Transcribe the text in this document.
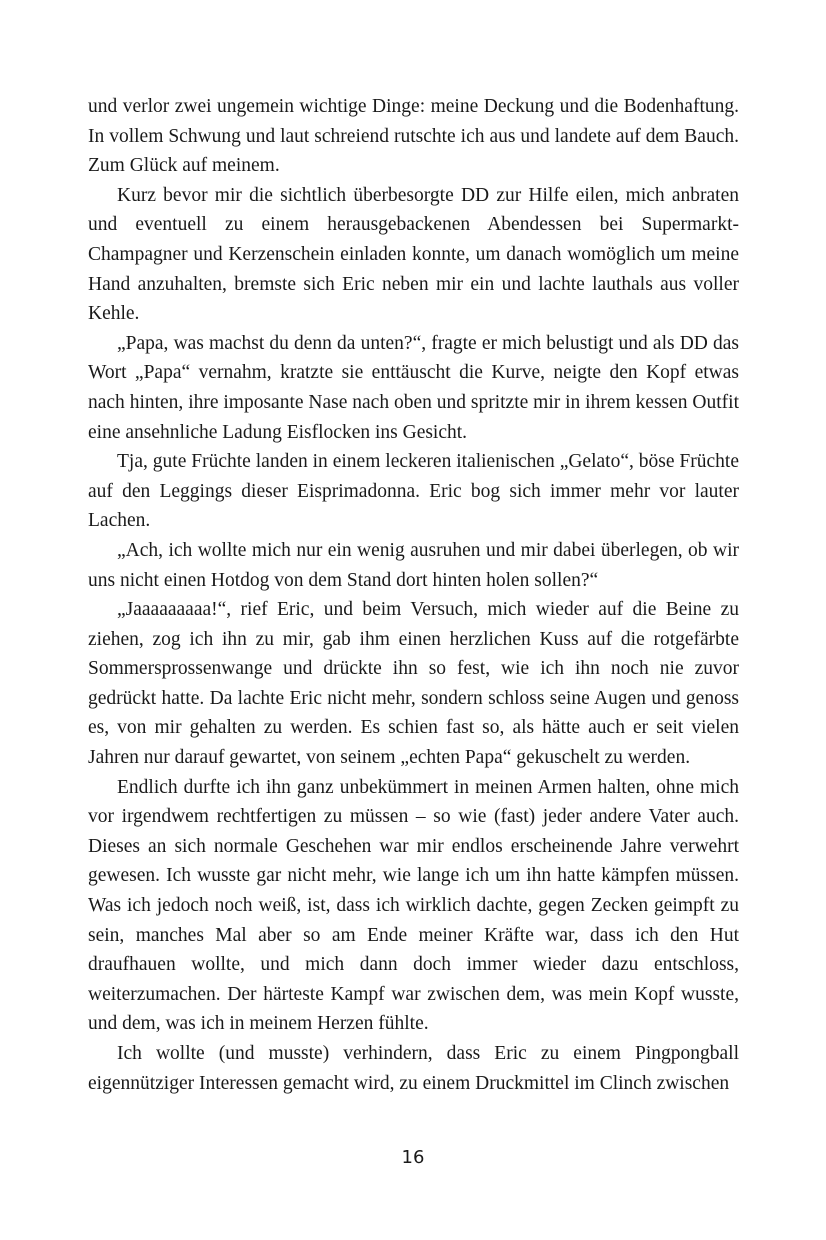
und verlor zwei ungemein wichtige Dinge: meine Deckung und die Bodenhaftung. In vollem Schwung und laut schreiend rutschte ich aus und landete auf dem Bauch. Zum Glück auf meinem.

Kurz bevor mir die sichtlich überbesorgte DD zur Hilfe eilen, mich anbraten und eventuell zu einem herausgebackenen Abendessen bei Supermarkt-Champagner und Kerzenschein einladen konnte, um danach womöglich um meine Hand anzuhalten, bremste sich Eric neben mir ein und lachte lauthals aus voller Kehle.

„Papa, was machst du denn da unten?“, fragte er mich belustigt und als DD das Wort „Papa“ vernahm, kratzte sie enttäuscht die Kurve, neigte den Kopf etwas nach hinten, ihre imposante Nase nach oben und spritzte mir in ihrem kessen Outfit eine ansehnliche Ladung Eisflocken ins Gesicht.

Tja, gute Früchte landen in einem leckeren italienischen „Gelato“, böse Früchte auf den Leggings dieser Eisprimadonna. Eric bog sich immer mehr vor lauter Lachen.

„Ach, ich wollte mich nur ein wenig ausruhen und mir dabei überlegen, ob wir uns nicht einen Hotdog von dem Stand dort hinten holen sollen?“

„Jaaaaaaaaa!“, rief Eric, und beim Versuch, mich wieder auf die Beine zu ziehen, zog ich ihn zu mir, gab ihm einen herzlichen Kuss auf die rotgefärbte Sommersprossenwange und drückte ihn so fest, wie ich ihn noch nie zuvor gedrückt hatte. Da lachte Eric nicht mehr, sondern schloss seine Augen und genoss es, von mir gehalten zu werden. Es schien fast so, als hätte auch er seit vielen Jahren nur darauf gewartet, von seinem „echten Papa“ gekuschelt zu werden.

Endlich durfte ich ihn ganz unbekümmert in meinen Armen halten, ohne mich vor irgendwem rechtfertigen zu müssen – so wie (fast) jeder andere Vater auch. Dieses an sich normale Geschehen war mir endlos erscheinende Jahre verwehrt gewesen. Ich wusste gar nicht mehr, wie lange ich um ihn hatte kämpfen müssen. Was ich jedoch noch weiß, ist, dass ich wirklich dachte, gegen Zecken geimpft zu sein, manches Mal aber so am Ende meiner Kräfte war, dass ich den Hut draufhauen wollte, und mich dann doch immer wieder dazu entschloss, weiterzumachen. Der härteste Kampf war zwischen dem, was mein Kopf wusste, und dem, was ich in meinem Herzen fühlte.

Ich wollte (und musste) verhindern, dass Eric zu einem Pingpongball eigennütziger Interessen gemacht wird, zu einem Druckmittel im Clinch zwischen

16
